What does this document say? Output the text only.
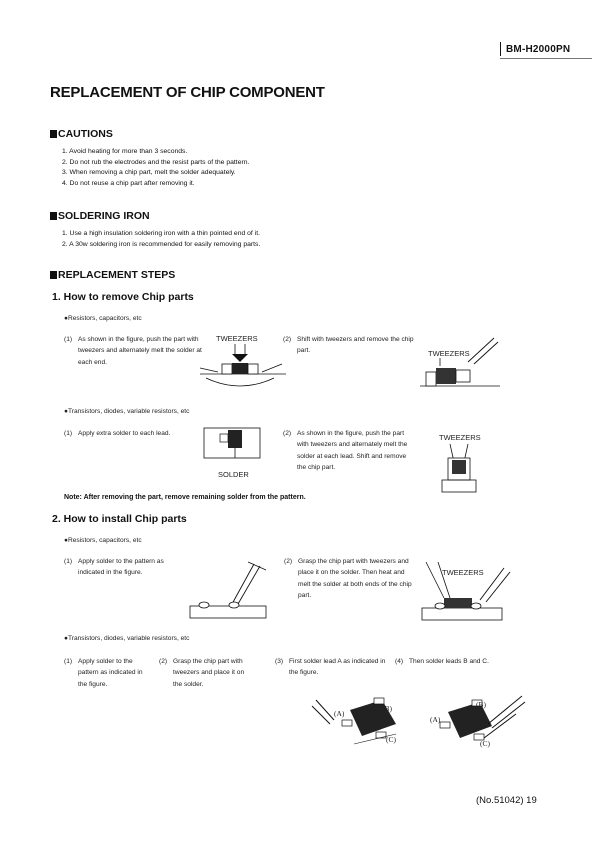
BM-H2000PN
REPLACEMENT OF CHIP COMPONENT
CAUTIONS
1. Avoid heating for more than 3 seconds.
2. Do not rub the electrodes and the resist parts of the pattern.
3. When removing a chip part, melt the solder adequately.
4. Do not reuse a chip part after removing it.
SOLDERING IRON
1. Use a high insulation soldering iron with a thin pointed end of it.
2. A 30w soldering iron is recommended for easily removing parts.
REPLACEMENT STEPS
1. How to remove Chip parts
●Resistors, capacitors, etc
(1) As shown in the figure, push the part with tweezers and alternately melt the solder at each end.
TWEEZERS	(2) Shift with tweezers and remove the chip part.	TWEEZERS
●Transistors, diodes, variable resistors, etc
(1) Apply extra solder to each lead.
SOLDER
(2) As shown in the figure, push the part with tweezers and alternately melt the solder at each lead. Shift and remove the chip part.
TWEEZERS
Note: After removing the part, remove remaining solder from the pattern.
2. How to install Chip parts
●Resistors, capacitors, etc
(1) Apply solder to the pattern as indicated in the figure.
(2) Grasp the chip part with tweezers and place it on the solder. Then heat and melt the solder at both ends of the chip part.
TWEEZERS
●Transistors, diodes, variable resistors, etc
(1) Apply solder to the pattern as indicated in the figure.
(2) Grasp the chip part with tweezers and place it on the solder.
(3) First solder lead A as indicated in the figure.
(4) Then solder leads B and C.
(A)
(B)
(C)
(A)
(B)
(C)
(No.51042) 19
